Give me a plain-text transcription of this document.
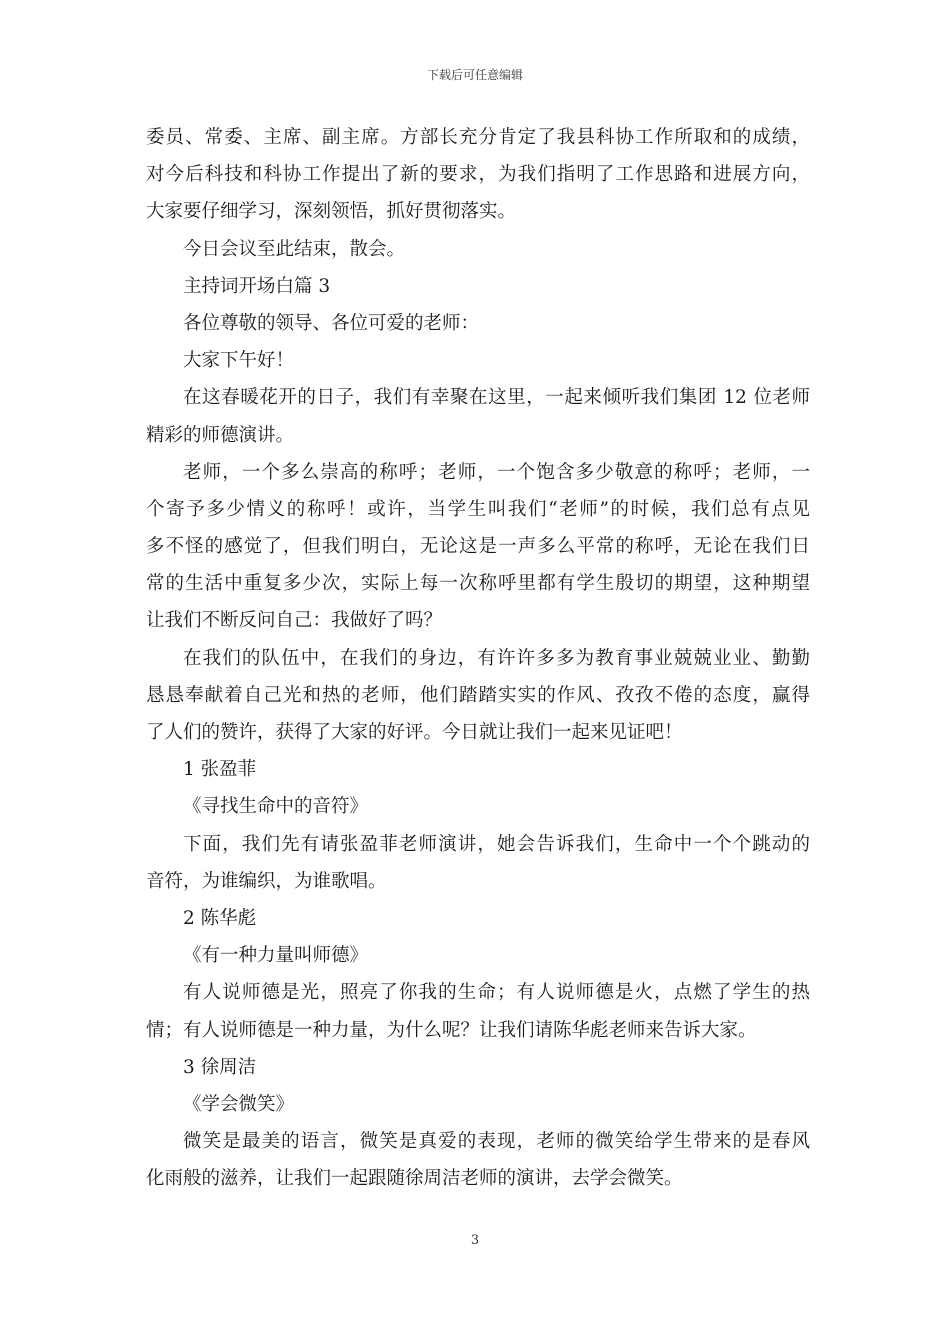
下载后可任意编辑
委员、常委、主席、副主席。方部长充分肯定了我县科协工作所取和的成绩，
对今后科技和科协工作提出了新的要求，为我们指明了工作思路和进展方向，
大家要仔细学习，深刻领悟，抓好贯彻落实。
今日会议至此结束，散会。
主持词开场白篇 3
各位尊敬的领导、各位可爱的老师：
大家下午好！
在这春暖花开的日子，我们有幸聚在这里，一起来倾听我们集团 12 位老师
精彩的师德演讲。
老师，一个多么崇高的称呼；老师，一个饱含多少敬意的称呼；老师，一
个寄予多少情义的称呼！或许，当学生叫我们“老师”的时候，我们总有点见
多不怪的感觉了，但我们明白，无论这是一声多么平常的称呼，无论在我们日
常的生活中重复多少次，实际上每一次称呼里都有学生殷切的期望，这种期望
让我们不断反问自己：我做好了吗？
在我们的队伍中，在我们的身边，有许许多多为教育事业兢兢业业、勤勤
恳恳奉献着自己光和热的老师，他们踏踏实实的作风、孜孜不倦的态度，赢得
了人们的赞许，获得了大家的好评。今日就让我们一起来见证吧！
1 张盈菲
《寻找生命中的音符》
下面，我们先有请张盈菲老师演讲，她会告诉我们，生命中一个个跳动的
音符，为谁编织，为谁歌唱。
2 陈华彪
《有一种力量叫师德》
有人说师德是光，照亮了你我的生命；有人说师德是火，点燃了学生的热
情；有人说师德是一种力量，为什么呢？让我们请陈华彪老师来告诉大家。
3 徐周洁
《学会微笑》
微笑是最美的语言，微笑是真爱的表现，老师的微笑给学生带来的是春风
化雨般的滋养，让我们一起跟随徐周洁老师的演讲，去学会微笑。
3
